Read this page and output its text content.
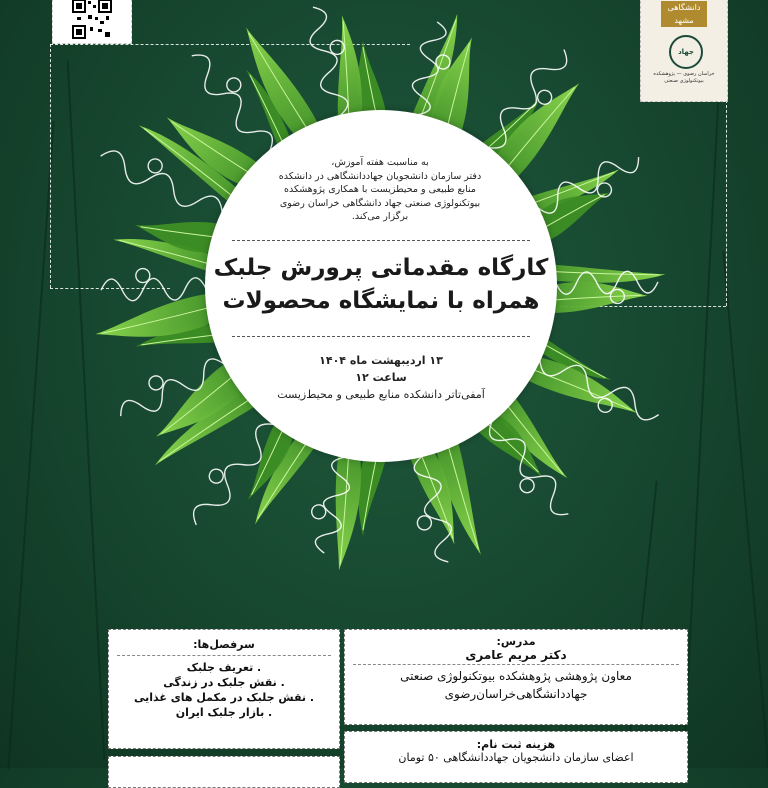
دانشگاهی مشهد
جهاد
خراسان رضوی — پژوهشکده بیوتکنولوژی صنعتی
به مناسبت هفته آموزش،
دفتر سازمان دانشجویان جهاددانشگاهی در دانشکده
منابع طبیعی و محیطزیست با همکاری پژوهشکده
بیوتکنولوژی صنعتی جهاد دانشگاهی خراسان رضوی
برگزار می‌کند.
کارگاه مقدماتی پرورش جلبک
همراه با نمایشگاه محصولات
۱۳ اردیبهشت ماه ۱۴۰۴
ساعت ۱۲
آمفی‌تاتر دانشکده منابع طبیعی و محیط‌زیست
سرفصل‌ها:
. تعریف جلبک
. نقش جلبک در زندگی
. نقش جلبک در مکمل های غذایی
. بازار جلبک ایران
مدرس:
دکتر مریم عامری
معاون پژوهشی پژوهشکده بیوتکنولوژی صنعتی
جهاددانشگاهی‌خراسان‌رضوی
هزینه ثبت نام:
اعضای سازمان دانشجویان جهاددانشگاهی ۵۰ تومان
